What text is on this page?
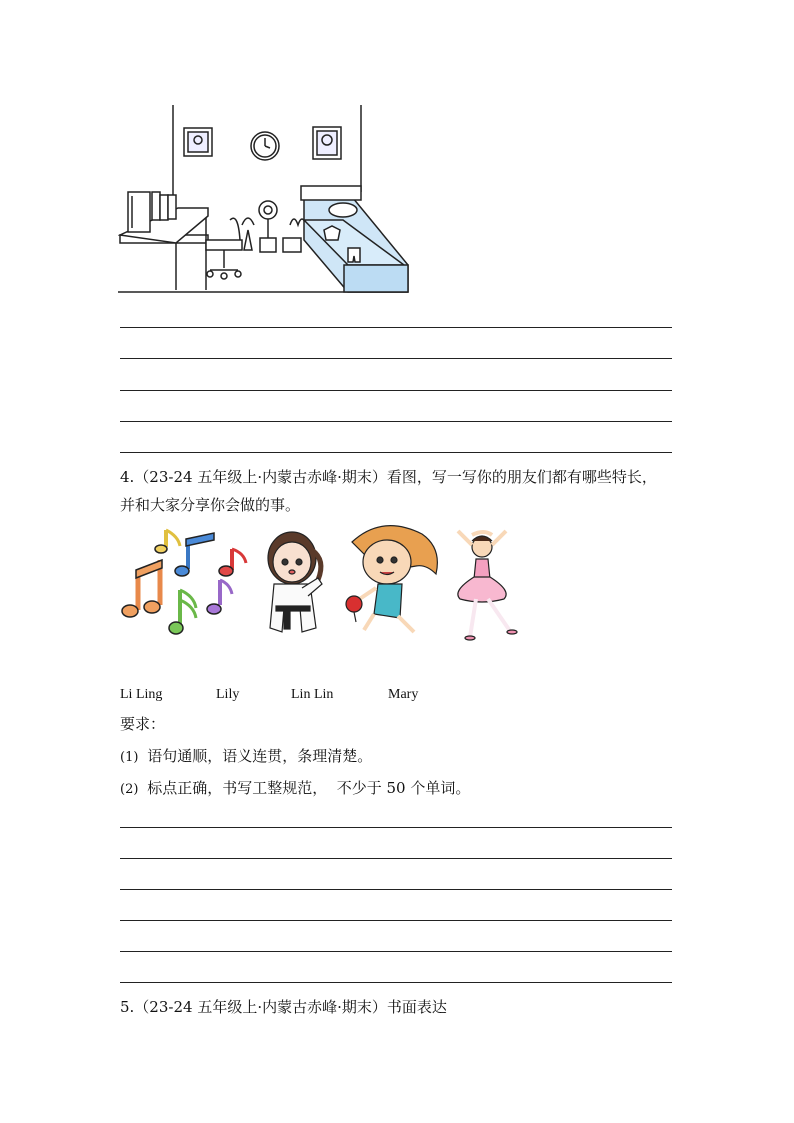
4.（23-24 五年级上·内蒙古赤峰·期末）看图，写一写你的朋友们都有哪些特长，
并和大家分享你会做的事。
Li Ling	Lily	Lin Lin	Mary
要求：
(1) 语句通顺，语义连贯，条理清楚。
(2) 标点正确，书写工整规范，  不少于 50 个单词。
5.（23-24 五年级上·内蒙古赤峰·期末）书面表达
